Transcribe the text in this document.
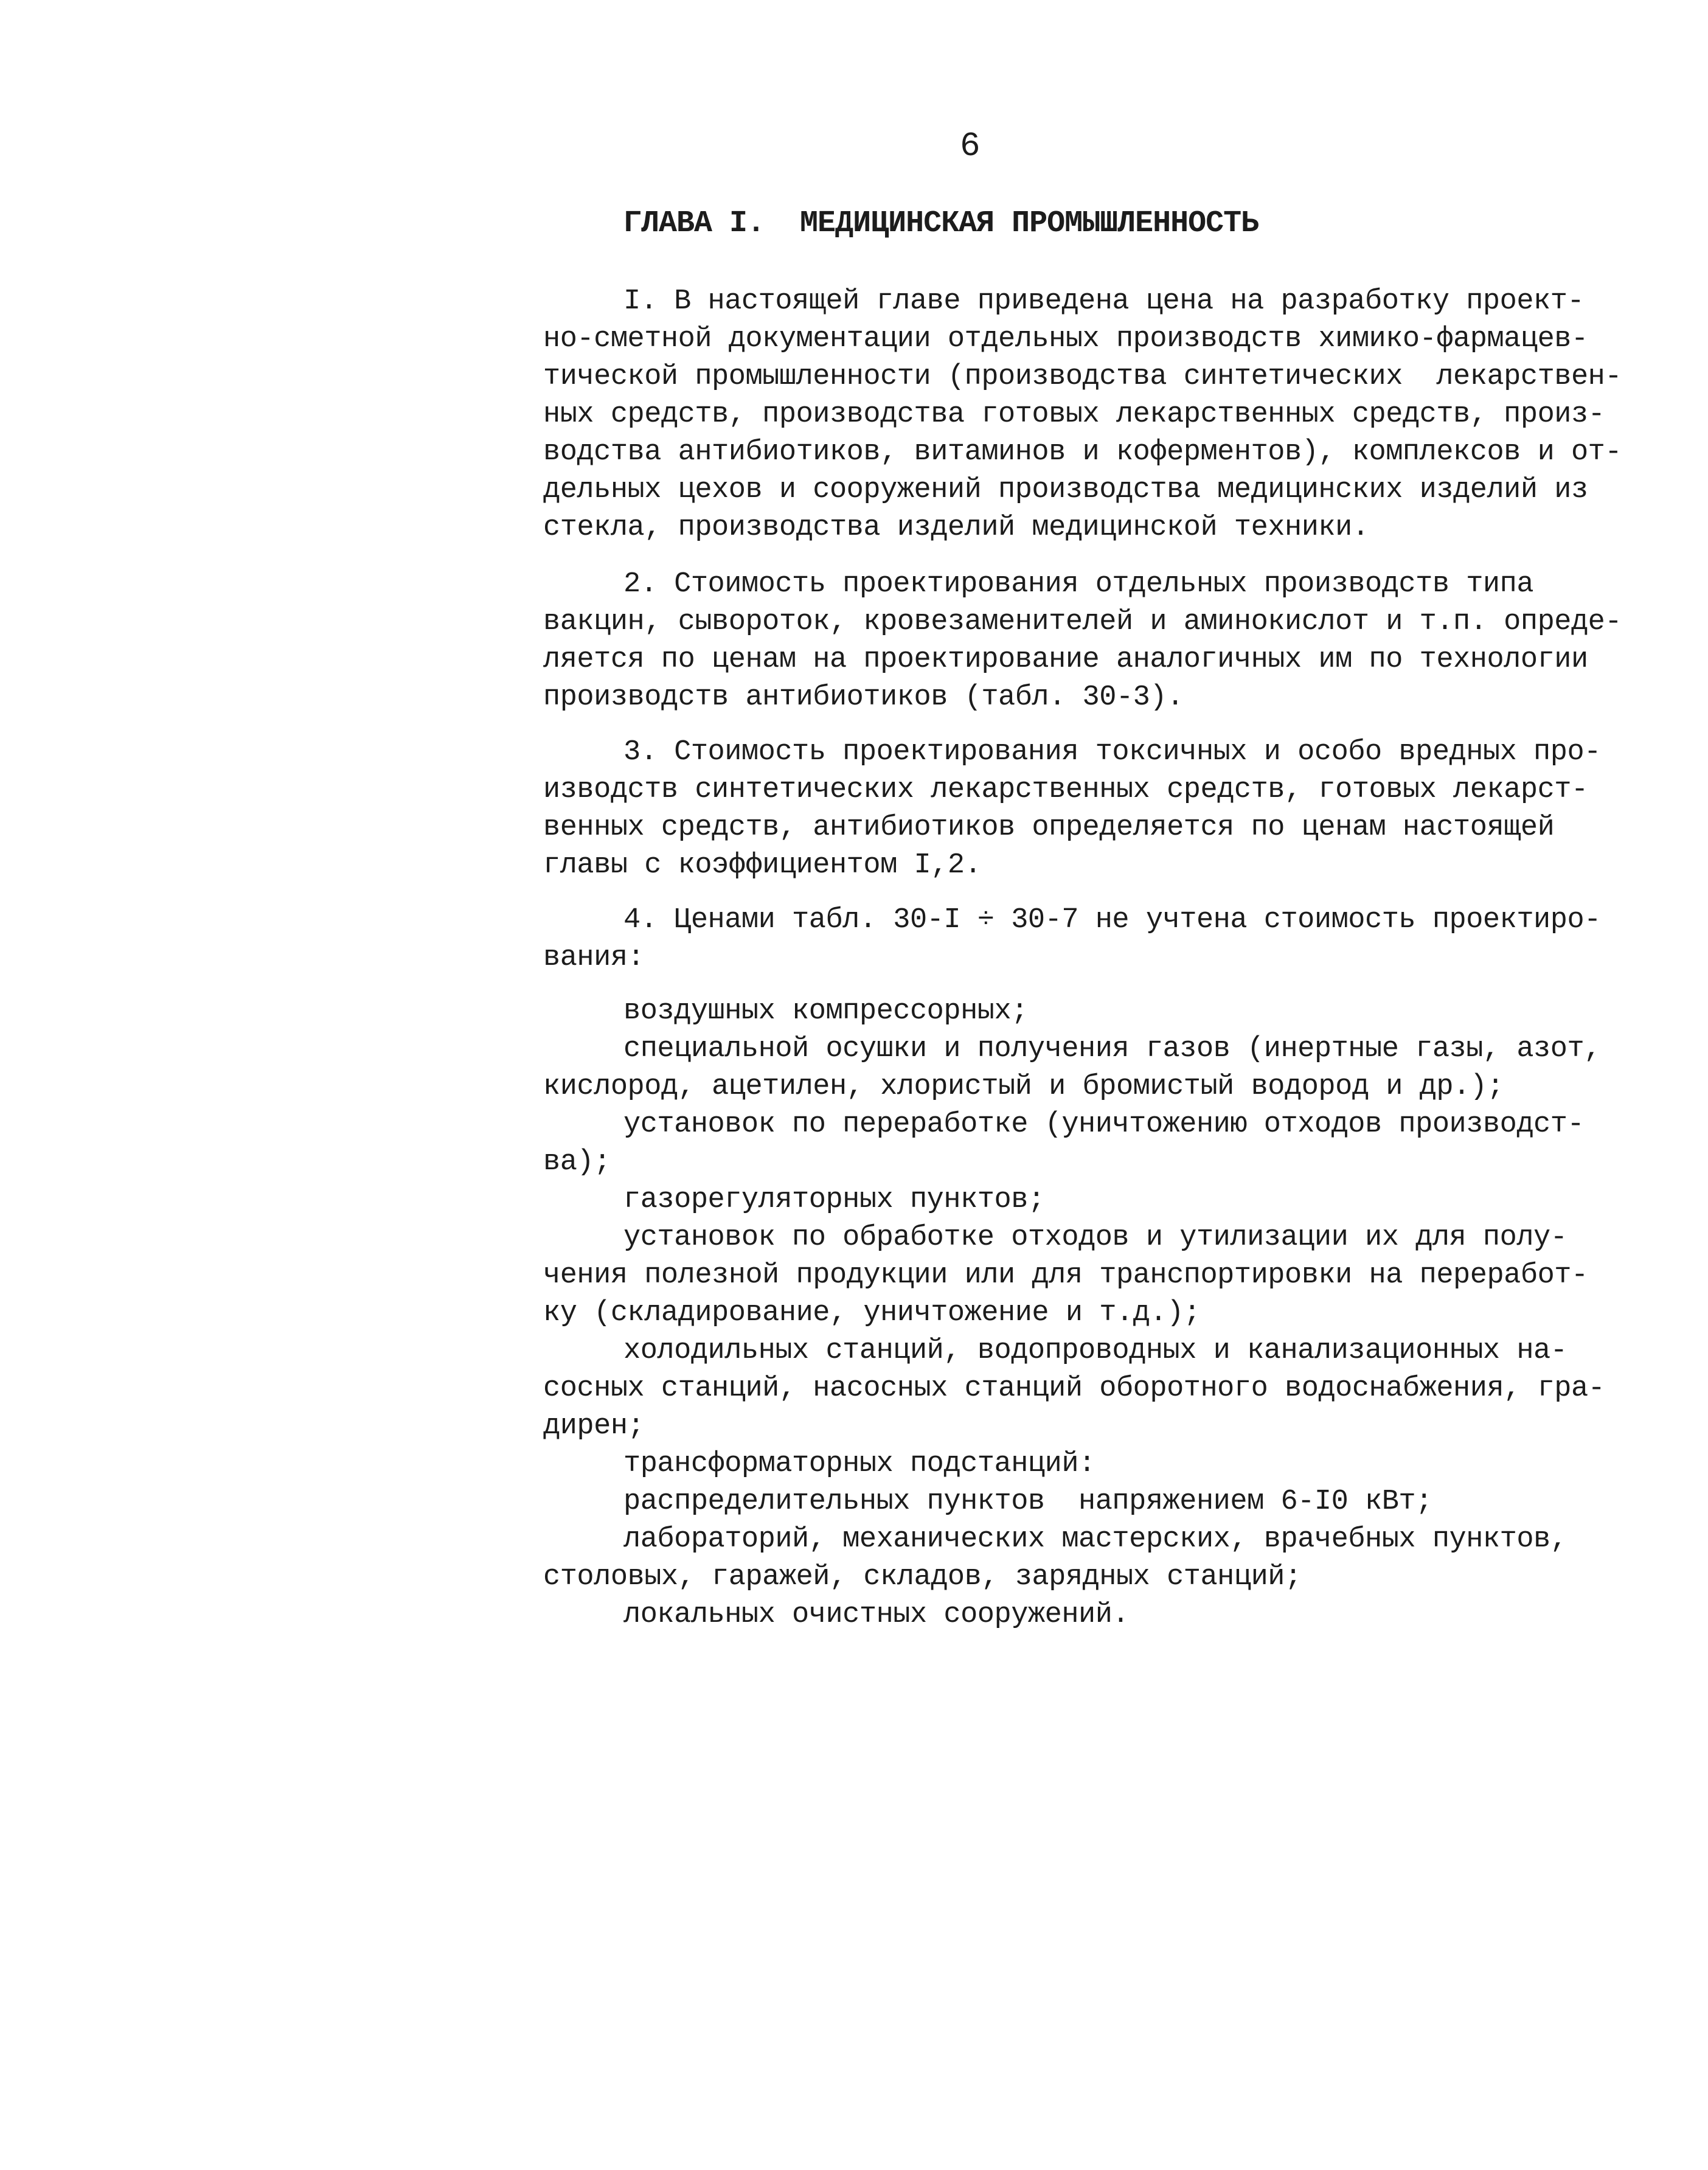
6
ГЛАВА I.  МЕДИЦИНСКАЯ ПРОМЫШЛЕННОСТЬ
I. В настоящей главе приведена цена на разработку проект-
но-сметной документации отдельных производств химико-фармацев-
тической промышленности (производства синтетических  лекарствен-
ных средств, производства готовых лекарственных средств, произ-
водства антибиотиков, витаминов и коферментов), комплексов и от-
дельных цехов и сооружений производства медицинских изделий из
стекла, производства изделий медицинской техники.
2. Стоимость проектирования отдельных производств типа
вакцин, сывороток, кровезаменителей и аминокислот и т.п. опреде-
ляется по ценам на проектирование аналогичных им по технологии
производств антибиотиков (табл. 30-3).
3. Стоимость проектирования токсичных и особо вредных про-
изводств синтетических лекарственных средств, готовых лекарст-
венных средств, антибиотиков определяется по ценам настоящей
главы с коэффициентом I,2.
4. Ценами табл. 30-I ÷ 30-7 не учтена стоимость проектиро-
вания:
воздушных компрессорных;
специальной осушки и получения газов (инертные газы, азот,
кислород, ацетилен, хлористый и бромистый водород и др.);
установок по переработке (уничтожению отходов производст-
ва);
газорегуляторных пунктов;
установок по обработке отходов и утилизации их для полу-
чения полезной продукции или для транспортировки на переработ-
ку (складирование, уничтожение и т.д.);
холодильных станций, водопроводных и канализационных на-
сосных станций, насосных станций оборотного водоснабжения, гра-
дирен;
трансформаторных подстанций:
распределительных пунктов  напряжением 6-I0 кВт;
лабораторий, механических мастерских, врачебных пунктов,
столовых, гаражей, складов, зарядных станций;
локальных очистных сооружений.
